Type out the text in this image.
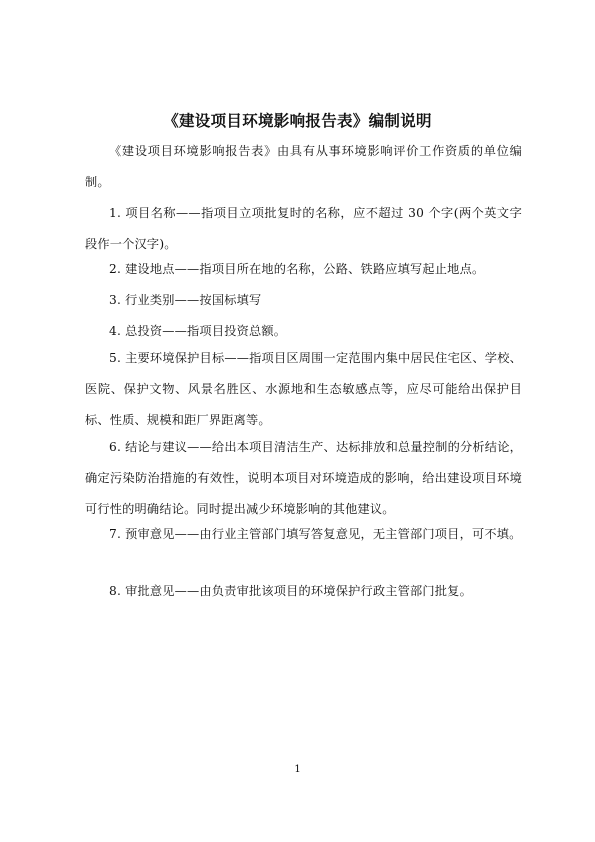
《建设项目环境影响报告表》编制说明

《建设项目环境影响报告表》由具有从事环境影响评价工作资质的单位编制。

1. 项目名称——指项目立项批复时的名称，应不超过 30 个字(两个英文字段作一个汉字)。

2. 建设地点——指项目所在地的名称，公路、铁路应填写起止地点。

3. 行业类别——按国标填写

4. 总投资——指项目投资总额。

5. 主要环境保护目标——指项目区周围一定范围内集中居民住宅区、学校、医院、保护文物、风景名胜区、水源地和生态敏感点等，应尽可能给出保护目标、性质、规模和距厂界距离等。

6. 结论与建议——给出本项目清洁生产、达标排放和总量控制的分析结论，确定污染防治措施的有效性，说明本项目对环境造成的影响，给出建设项目环境可行性的明确结论。同时提出减少环境影响的其他建议。

7. 预审意见——由行业主管部门填写答复意见，无主管部门项目，可不填。

8. 审批意见——由负责审批该项目的环境保护行政主管部门批复。

1
